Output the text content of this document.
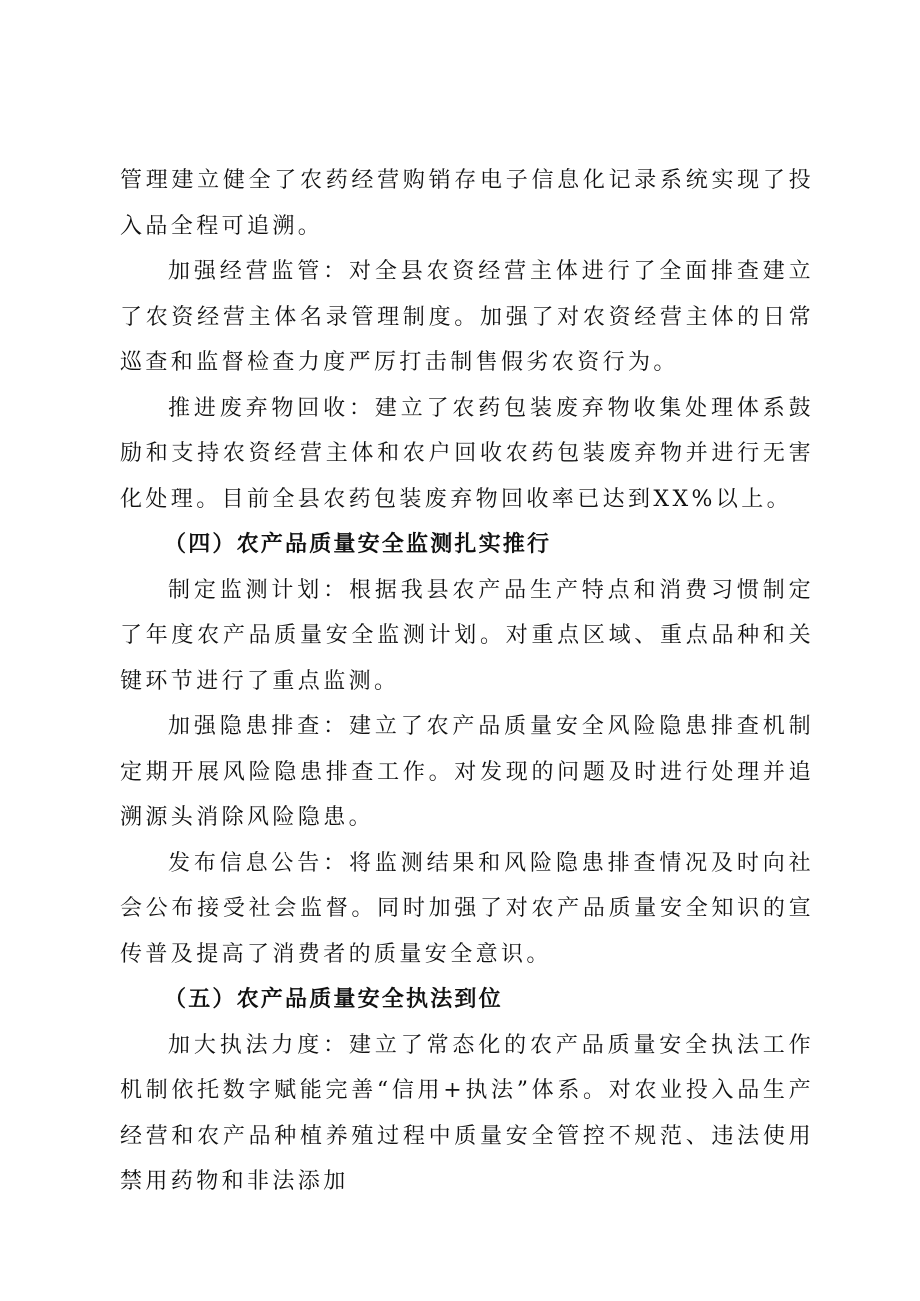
管理建立健全了农药经营购销存电子信息化记录系统实现了投入品全程可追溯。

加强经营监管：对全县农资经营主体进行了全面排查建立了农资经营主体名录管理制度。加强了对农资经营主体的日常巡查和监督检查力度严厉打击制售假劣农资行为。

推进废弃物回收：建立了农药包装废弃物收集处理体系鼓励和支持农资经营主体和农户回收农药包装废弃物并进行无害化处理。目前全县农药包装废弃物回收率已达到XX%以上。

（四）农产品质量安全监测扎实推行

制定监测计划：根据我县农产品生产特点和消费习惯制定了年度农产品质量安全监测计划。对重点区域、重点品种和关键环节进行了重点监测。

加强隐患排查：建立了农产品质量安全风险隐患排查机制定期开展风险隐患排查工作。对发现的问题及时进行处理并追溯源头消除风险隐患。

发布信息公告：将监测结果和风险隐患排查情况及时向社会公布接受社会监督。同时加强了对农产品质量安全知识的宣传普及提高了消费者的质量安全意识。

（五）农产品质量安全执法到位

加大执法力度：建立了常态化的农产品质量安全执法工作机制依托数字赋能完善“信用+执法”体系。对农业投入品生产经营和农产品种植养殖过程中质量安全管控不规范、违法使用禁用药物和非法添加
